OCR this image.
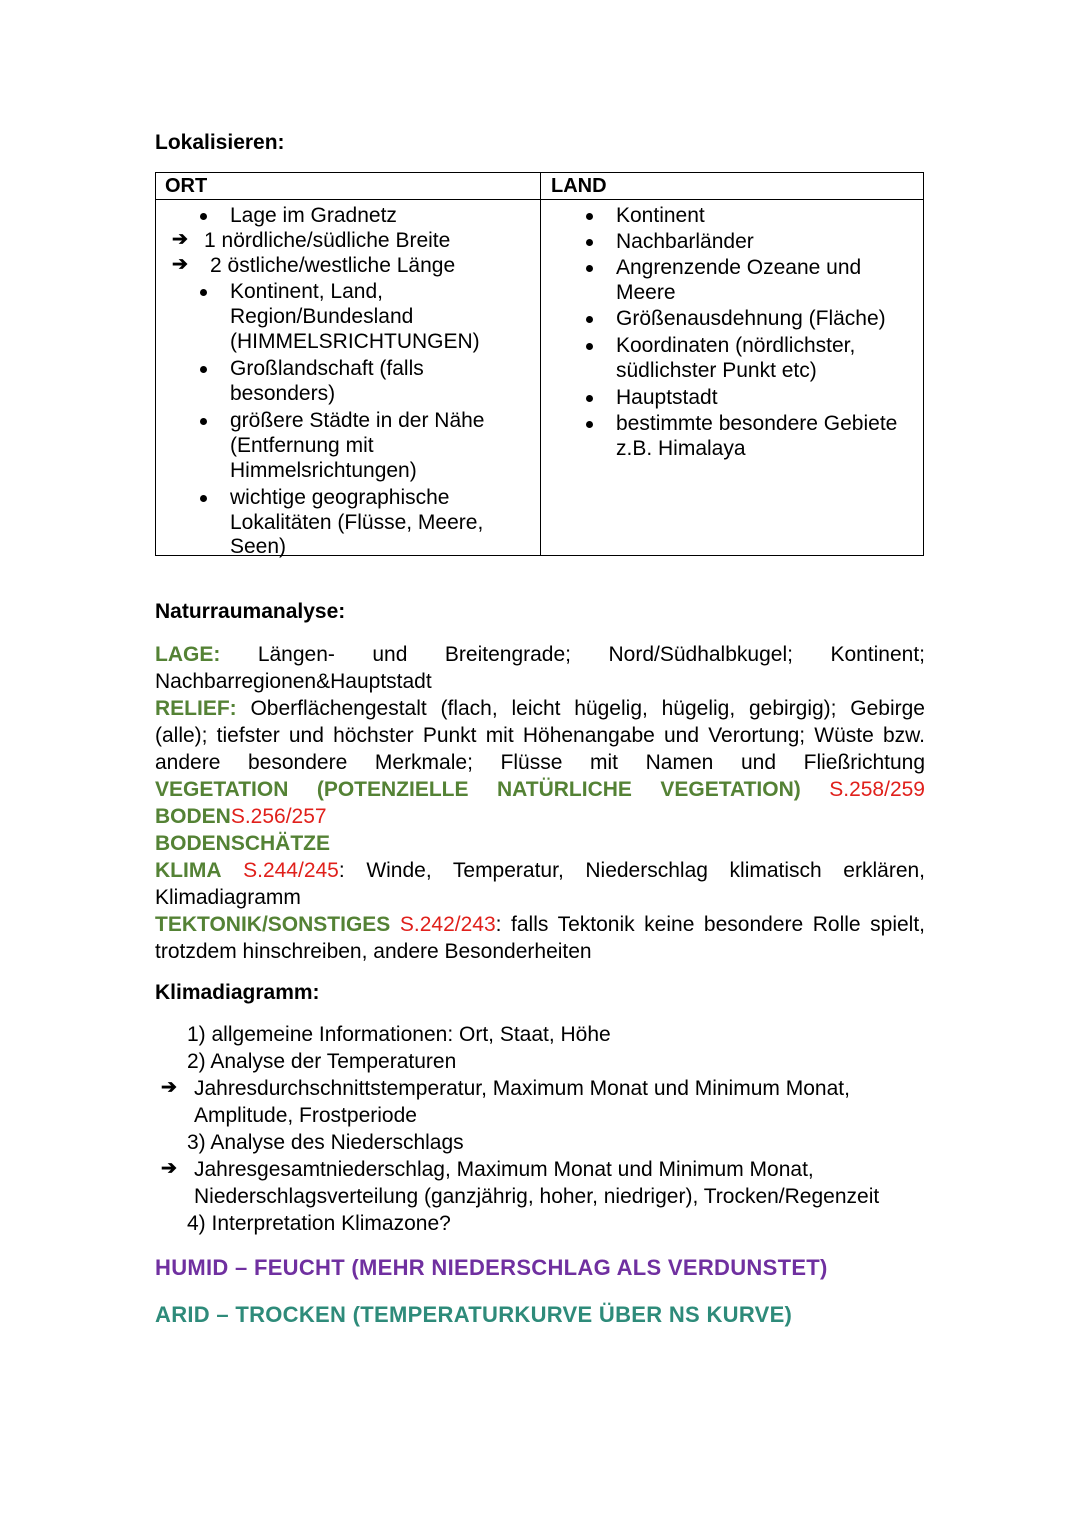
Lokalisieren:
ORT	LAND
Lage im Gradnetz
➔ 1 nördliche/südliche Breite
➔ 2 östliche/westliche Länge
Kontinent, Land,
Region/Bundesland
(HIMMELSRICHTUNGEN)
Großlandschaft (falls
besonders)
größere Städte in der Nähe
(Entfernung mit
Himmelsrichtungen)
wichtige geographische
Lokalitäten (Flüsse, Meere,
Seen)
Kontinent
Nachbarländer
Angrenzende Ozeane und
Meere
Größenausdehnung (Fläche)
Koordinaten (nördlichster,
südlichster Punkt etc)
Hauptstadt
bestimmte besondere Gebiete
z.B. Himalaya
Naturraumanalyse:
LAGE: Längen- und Breitengrade; Nord/Südhalbkugel; Kontinent;
Nachbarregionen&Hauptstadt
RELIEF: Oberflächengestalt (flach, leicht hügelig, hügelig, gebirgig); Gebirge
(alle); tiefster und höchster Punkt mit Höhenangabe und Verortung; Wüste bzw.
andere besondere Merkmale; Flüsse mit Namen und Fließrichtung
VEGETATION (POTENZIELLE NATÜRLICHE VEGETATION) S.258/259
BODENS.256/257
BODENSCHÄTZE
KLIMA S.244/245: Winde, Temperatur, Niederschlag klimatisch erklären,
Klimadiagramm
TEKTONIK/SONSTIGES S.242/243: falls Tektonik keine besondere Rolle spielt,
trotzdem hinschreiben, andere Besonderheiten
Klimadiagramm:
1) allgemeine Informationen: Ort, Staat, Höhe
2) Analyse der Temperaturen
➔ Jahresdurchschnittstemperatur, Maximum Monat und Minimum Monat,
Amplitude, Frostperiode
3) Analyse des Niederschlags
➔ Jahresgesamtniederschlag, Maximum Monat und Minimum Monat,
Niederschlagsverteilung (ganzjährig, hoher, niedriger), Trocken/Regenzeit
4) Interpretation Klimazone?
HUMID – FEUCHT (MEHR NIEDERSCHLAG ALS VERDUNSTET)
ARID – TROCKEN (TEMPERATURKURVE ÜBER NS KURVE)
